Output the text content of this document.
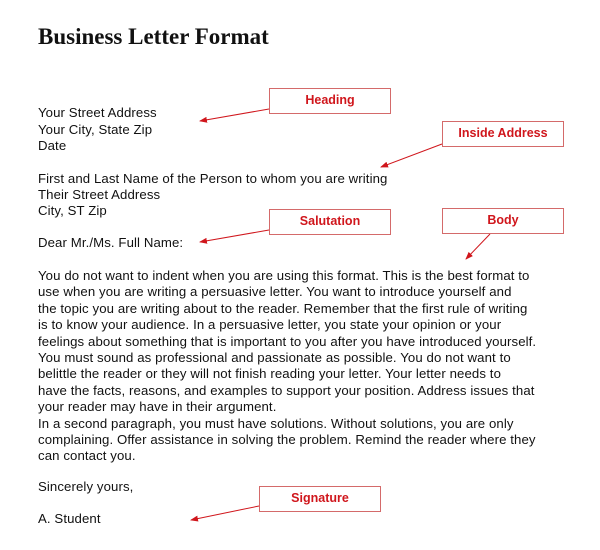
Business Letter Format
Your Street Address
Your City, State Zip
Date
First and Last Name of the Person to whom you are writing
Their Street Address
City, ST Zip
Dear Mr./Ms. Full Name:
You do not want to indent when you are using this format. This is the best format to
use when you are writing a persuasive letter. You want to introduce yourself and
the topic you are writing about to the reader. Remember that the first rule of writing
is to know your audience. In a persuasive letter, you state your opinion or your
feelings about something that is important to you after you have introduced yourself.
You must sound as professional and passionate as possible. You do not want to
belittle the reader or they will not finish reading your letter. Your letter needs to
have the facts, reasons, and examples to support your position. Address issues that
your reader may have in their argument.
In a second paragraph, you must have solutions. Without solutions, you are only
complaining. Offer assistance in solving the problem. Remind the reader where they
can contact you.
Sincerely yours,
A. Student
Heading
Inside Address
Salutation	Body
Signature
